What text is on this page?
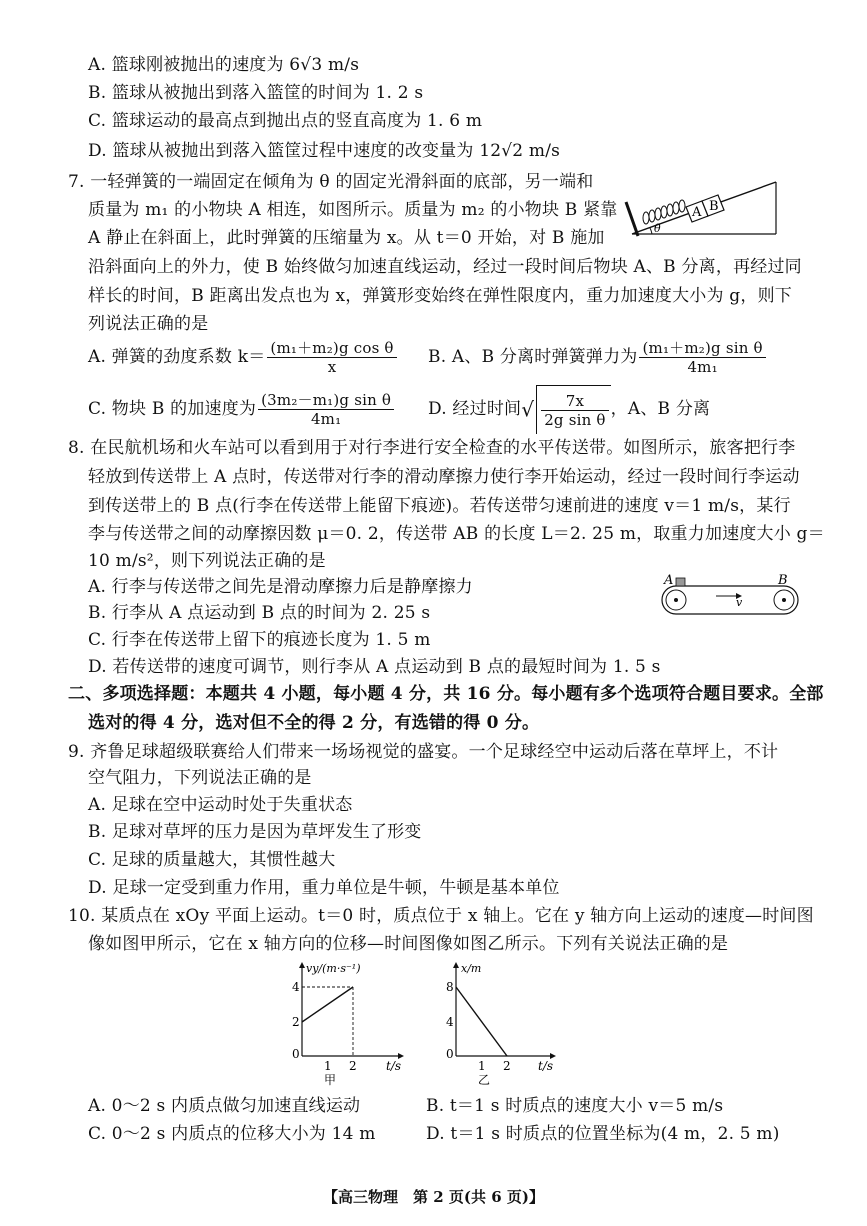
A. 篮球刚被抛出的速度为 6√3 m/s
B. 篮球从被抛出到落入篮筐的时间为 1. 2 s
C. 篮球运动的最高点到抛出点的竖直高度为 1. 6 m
D. 篮球从被抛出到落入篮筐过程中速度的改变量为 12√2 m/s
7. 一轻弹簧的一端固定在倾角为 θ 的固定光滑斜面的底部，另一端和
质量为 m₁ 的小物块 A 相连，如图所示。质量为 m₂ 的小物块 B 紧靠
A 静止在斜面上，此时弹簧的压缩量为 x。从 t＝0 开始，对 B 施加
沿斜面向上的外力，使 B 始终做匀加速直线运动，经过一段时间后物块 A、B 分离，再经过同
样长的时间，B 距离出发点也为 x，弹簧形变始终在弹性限度内，重力加速度大小为 g，则下
列说法正确的是
A B
θ
A. 弹簧的劲度系数 $k= \frac{\text{(m₁＋m₂)g cos θ}}{x} B$. A、B 分离时弹簧弹力为 $\frac{\text{(m₁＋m₂)g sin θ}}{\text{4m₁}}$
C. 物块 B 的加速度为 $\frac{\text{(3m₂－m₁)g sin θ}}{\text{4m₁}} D$. 经过时间√ $\frac{7x}{\text{2g sin θ}}$ ，A、B 分离
8. 在民航机场和火车站可以看到用于对行李进行安全检查的水平传送带。如图所示，旅客把行李
轻放到传送带上 A 点时，传送带对行李的滑动摩擦力使行李开始运动，经过一段时间行李运动
到传送带上的 B 点(行李在传送带上能留下痕迹)。若传送带匀速前进的速度 v＝1 m/s，某行
李与传送带之间的动摩擦因数 μ＝0. 2，传送带 AB 的长度 L＝2. 25 m，取重力加速度大小 g＝
10 m/s²，则下列说法正确的是
A. 行李与传送带之间先是滑动摩擦力后是静摩擦力
B. 行李从 A 点运动到 B 点的时间为 2. 25 s
C. 行李在传送带上留下的痕迹长度为 1. 5 m
D. 若传送带的速度可调节，则行李从 A 点运动到 B 点的最短时间为 1. 5 s
A	B
v
二、多项选择题：本题共 4 小题，每小题 4 分，共 16 分。每小题有多个选项符合题目要求。全部
选对的得 4 分，选对但不全的得 2 分，有选错的得 0 分。
9. 齐鲁足球超级联赛给人们带来一场场视觉的盛宴。一个足球经空中运动后落在草坪上，不计
空气阻力，下列说法正确的是
A. 足球在空中运动时处于失重状态
B. 足球对草坪的压力是因为草坪发生了形变
C. 足球的质量越大，其惯性越大
D. 足球一定受到重力作用，重力单位是牛顿，牛顿是基本单位
10. 某质点在 xOy 平面上运动。t＝0 时，质点位于 x 轴上。它在 y 轴方向上运动的速度—时间图
像如图甲所示，它在 x 轴方向的位移—时间图像如图乙所示。下列有关说法正确的是
vy/(m·s⁻¹)
t/s
0
1 2
2
4
甲
x/m
t/s
0
1 2
4
8
乙
A. 0～2 s 内质点做匀加速直线运动	B. t＝1 s 时质点的速度大小 v＝5 m/s
C. 0～2 s 内质点的位移大小为 14 m	D. t＝1 s 时质点的位置坐标为(4 m，2. 5 m)
【高三物理　第 2 页(共 6 页)】
